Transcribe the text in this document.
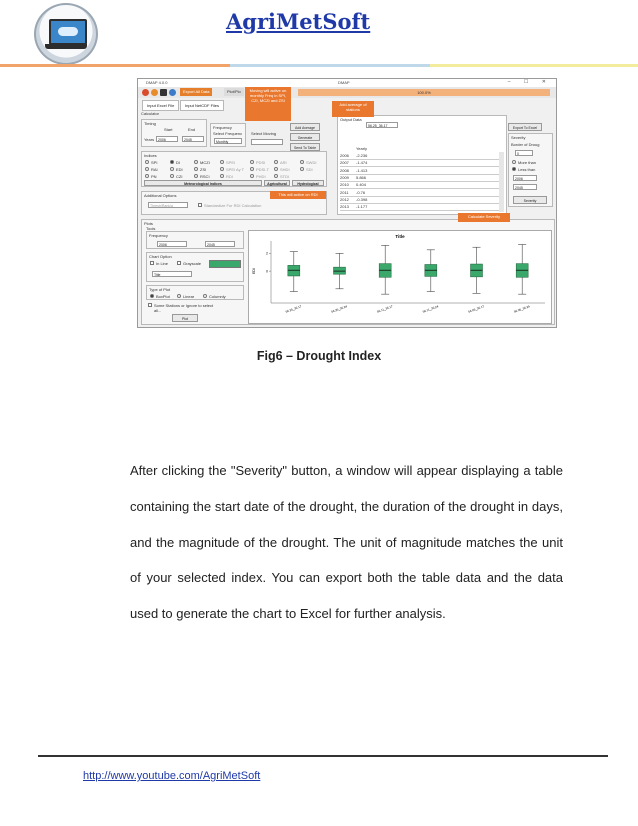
AgriMetSoft
DMAP 4.0.0	DMAP	– ☐ ✕
Export All Data	Plot/Plo	100.0%
Input Excel File	Input NetCDF Files
Calculator
Timing
Start	End
Years	2006	2045
Frequency
Select Frequenc
Monthly
Select Moving
Add Average
Generate
Send To Table
Indices
SPI
RAI
PN
DI
EDI
CZI
MCZI
ZSI
RSCI
SPEI
SPEI Ay T
RDI
PDSI
PDSI-T
PHDI
ARI
SHDI
STDI
SWDI
SDI
Meteorological Indices	Agricultural	Hydrological
Additional Options
Thresh/Rank/a	Standardize For RDI Calculation
Output Data
56.25_36.17
Yearly
2006 -2.236
2007 -1.474
2008 -1.413
2009 5.866
2010 0.404
2011 -0.76
2012 -0.398
2013 -1.177
Export To Excel
Severity
Border of Droug
0
More than
Less than
2006
2045
Severity
Plots
Tools
Frequency
2006	2045
Chart Option
In Line	Grayscale
Title
Type of Plot
BoxPlot	Linear	Columnly
Some Stations or Ignore to select all...
Plot
Title
EDI
2
0
56.25_36.17	56.25_36.24	56.11_36.17	56.11_36.24	56.06_36.17	56.06_36.24
Moving will active on monthly Freq in SPI, CZI, MCZI and ZSI
Add average of stations
This will active on RDI
Calculate Severity
Fig6 – Drought Index

After clicking the "Severity" button, a window will appear displaying a table containing the start date of the drought, the duration of the drought in days, and the magnitude of the drought. The unit of magnitude matches the unit of your selected index. You can export both the table data and the data used to generate the chart to Excel for further analysis.

http://www.youtube.com/AgriMetSoft
